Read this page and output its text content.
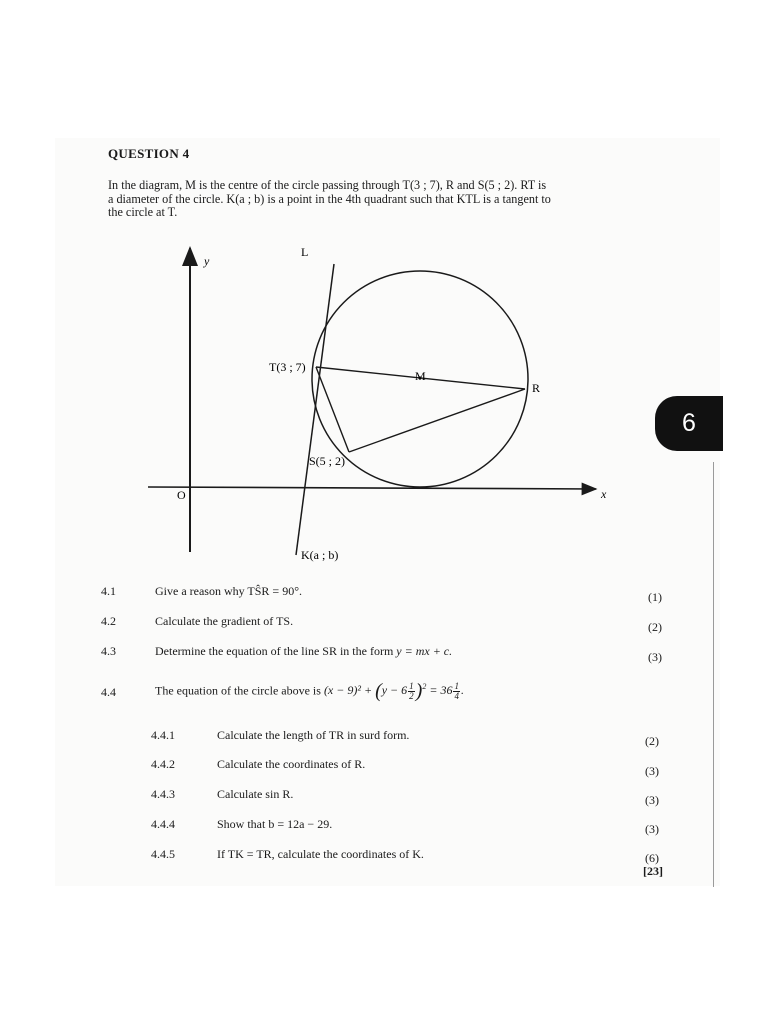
6
QUESTION 4
In the diagram, M is the centre of the circle passing through T(3 ; 7), R and S(5 ; 2). RT is
a diameter of the circle. K(a ; b) is a point in the 4th quadrant such that KTL is a tangent to
the circle at T.
y
x
O
L
T(3 ; 7)
M
R
S(5 ; 2)
K(a ; b)
4.1	Give a reason why TŜR = 90°.	(1)
4.2	Calculate the gradient of TS.	(2)
4.3	Determine the equation of the line SR in the form y = mx + c.	(3)
4.4	The equation of the circle above is $(x - 9)^2 + (y - 6 \frac{1}{2} )^2 = 36 \frac{1}{4}$ .
4.4.1	Calculate the length of TR in surd form.	(2)
4.4.2	Calculate the coordinates of R.	(3)
4.4.3	Calculate sin R.	(3)
4.4.4	Show that b = 12a − 29.	(3)
4.4.5	If TK = TR, calculate the coordinates of K.	(6)
[23]
